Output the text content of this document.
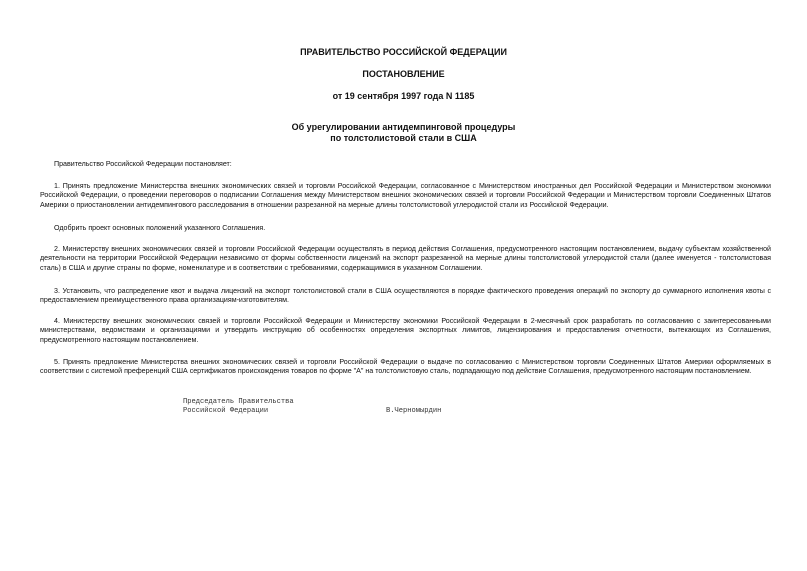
ПРАВИТЕЛЬСТВО РОССИЙСКОЙ ФЕДЕРАЦИИ
ПОСТАНОВЛЕНИЕ
от 19 сентября 1997 года N 1185
Об урегулировании антидемпинговой процедуры
по толстолистовой стали в США

Правительство Российской Федерации постановляет:

1. Принять предложение Министерства внешних экономических связей и торговли Российской Федерации, согласованное с Министерством иностранных дел Российской Федерации и Министерством экономики Российской Федерации, о проведении переговоров о подписании Соглашения между Министерством внешних экономических связей и торговли Российской Федерации и Министерством торговли Соединенных Штатов Америки о приостановлении антидемпингового расследования в отношении разрезанной на мерные длины толстолистовой углеродистой стали из Российской Федерации.

Одобрить проект основных положений указанного Соглашения.

2. Министерству внешних экономических связей и торговли Российской Федерации осуществлять в период действия Соглашения, предусмотренного настоящим постановлением, выдачу субъектам хозяйственной деятельности на территории Российской Федерации независимо от формы собственности лицензий на экспорт разрезанной на мерные длины толстолистовой углеродистой стали (далее именуется - толстолистовая сталь) в США и другие страны по форме, номенклатуре и в соответствии с требованиями, содержащимися в указанном Соглашении.

3. Установить, что распределение квот и выдача лицензий на экспорт толстолистовой стали в США осуществляются в порядке фактического проведения операций по экспорту до суммарного исполнения квоты с предоставлением преимущественного права организациям-изготовителям.

4. Министерству внешних экономических связей и торговли Российской Федерации и Министерству экономики Российской Федерации в 2-месячный срок разработать по согласованию с заинтересованными министерствами, ведомствами и организациями и утвердить инструкцию об особенностях определения экспортных лимитов, лицензирования и предоставления отчетности, вытекающих из Соглашения, предусмотренного настоящим постановлением.

5. Принять предложение Министерства внешних экономических связей и торговли Российской Федерации о выдаче по согласованию с Министерством торговли Соединенных Штатов Америки оформляемых в соответствии с системой преференций США сертификатов происхождения товаров по форме "А" на толстолистовую сталь, подпадающую под действие Соглашения, предусмотренного настоящим постановлением.

Председатель Правительства
Российской Федерации	В.Черномырдин
